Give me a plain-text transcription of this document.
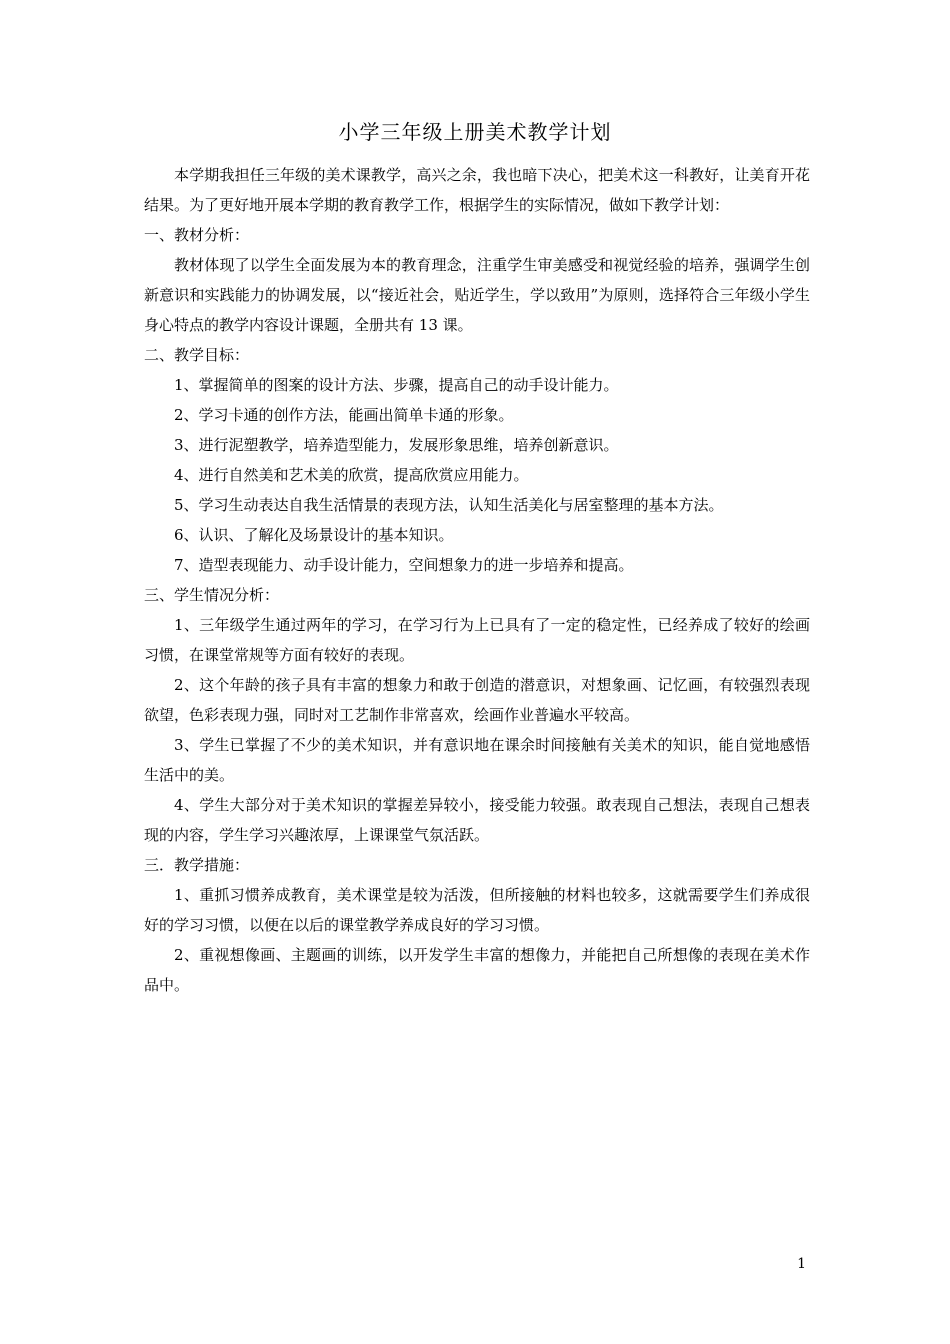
小学三年级上册美术教学计划

本学期我担任三年级的美术课教学，高兴之余，我也暗下决心，把美术这一科教好，让美育开花结果。为了更好地开展本学期的教育教学工作，根据学生的实际情况，做如下教学计划：

一、教材分析：

教材体现了以学生全面发展为本的教育理念，注重学生审美感受和视觉经验的培养，强调学生创新意识和实践能力的协调发展，以“接近社会，贴近学生，学以致用”为原则，选择符合三年级小学生身心特点的教学内容设计课题，全册共有 13 课。

二、教学目标：

1、掌握简单的图案的设计方法、步骤，提高自己的动手设计能力。

2、学习卡通的创作方法，能画出简单卡通的形象。

3、进行泥塑教学，培养造型能力，发展形象思维，培养创新意识。

4、进行自然美和艺术美的欣赏，提高欣赏应用能力。

5、学习生动表达自我生活情景的表现方法，认知生活美化与居室整理的基本方法。

6、认识、了解化及场景设计的基本知识。

7、造型表现能力、动手设计能力，空间想象力的进一步培养和提高。

三、学生情况分析：

1、三年级学生通过两年的学习，在学习行为上已具有了一定的稳定性，已经养成了较好的绘画习惯，在课堂常规等方面有较好的表现。

2、这个年龄的孩子具有丰富的想象力和敢于创造的潜意识，对想象画、记忆画，有较强烈表现欲望，色彩表现力强，同时对工艺制作非常喜欢，绘画作业普遍水平较高。

3、学生已掌握了不少的美术知识，并有意识地在课余时间接触有关美术的知识，能自觉地感悟生活中的美。

4、学生大部分对于美术知识的掌握差异较小，接受能力较强。敢表现自己想法，表现自己想表现的内容，学生学习兴趣浓厚，上课课堂气氛活跃。

三．教学措施：

1、重抓习惯养成教育，美术课堂是较为活泼，但所接触的材料也较多，这就需要学生们养成很好的学习习惯，以便在以后的课堂教学养成良好的学习习惯。

2、重视想像画、主题画的训练，以开发学生丰富的想像力，并能把自己所想像的表现在美术作品中。

1
